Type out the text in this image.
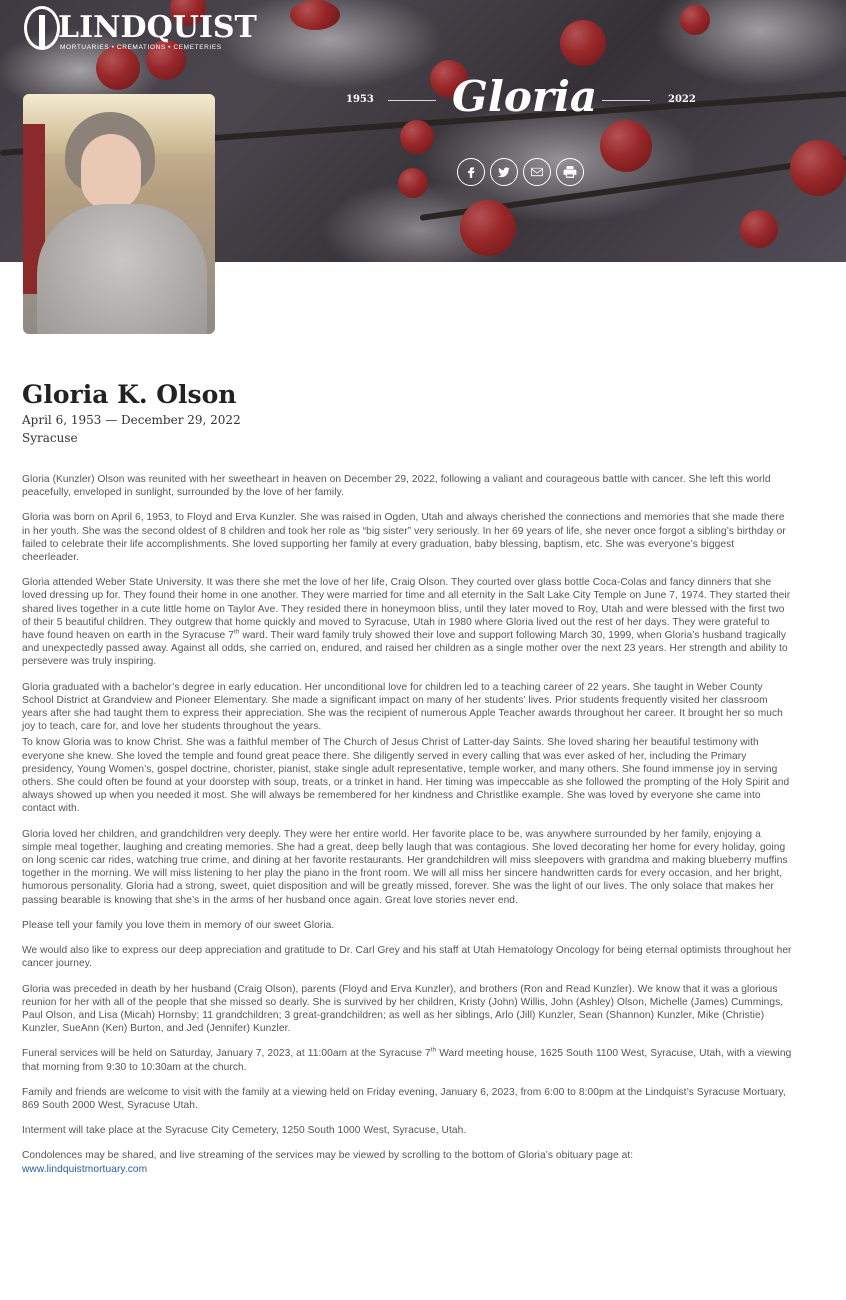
LINDQUIST
MORTUARIES • CREMATIONS • CEMETERIES
1953 Gloria	2022
Gloria K. Olson
April 6, 1953 — December 29, 2022
Syracuse

Gloria (Kunzler) Olson was reunited with her sweetheart in heaven on December 29, 2022, following a valiant and courageous battle with cancer. She left this world peacefully, enveloped in sunlight, surrounded by the love of her family.

Gloria was born on April 6, 1953, to Floyd and Erva Kunzler. She was raised in Ogden, Utah and always cherished the connections and memories that she made there in her youth. She was the second oldest of 8 children and took her role as “big sister” very seriously. In her 69 years of life, she never once forgot a sibling’s birthday or failed to celebrate their life accomplishments. She loved supporting her family at every graduation, baby blessing, baptism, etc. She was everyone’s biggest cheerleader.

Gloria attended Weber State University. It was there she met the love of her life, Craig Olson. They courted over glass bottle Coca-Colas and fancy dinners that she loved dressing up for. They found their home in one another. They were married for time and all eternity in the Salt Lake City Temple on June 7, 1974. They started their shared lives together in a cute little home on Taylor Ave. They resided there in honeymoon bliss, until they later moved to Roy, Utah and were blessed with the first two of their 5 beautiful children. They outgrew that home quickly and moved to Syracuse, Utah in 1980 where Gloria lived out the rest of her days. They were grateful to have found heaven on earth in the Syracuse 7th ward. Their ward family truly showed their love and support following March 30, 1999, when Gloria’s husband tragically and unexpectedly passed away. Against all odds, she carried on, endured, and raised her children as a single mother over the next 23 years. Her strength and ability to persevere was truly inspiring.

Gloria graduated with a bachelor’s degree in early education. Her unconditional love for children led to a teaching career of 22 years. She taught in Weber County School District at Grandview and Pioneer Elementary. She made a significant impact on many of her students’ lives. Prior students frequently visited her classroom years after she had taught them to express their appreciation. She was the recipient of numerous Apple Teacher awards throughout her career. It brought her so much joy to teach, care for, and love her students throughout the years.

To know Gloria was to know Christ. She was a faithful member of The Church of Jesus Christ of Latter-day Saints. She loved sharing her beautiful testimony with everyone she knew. She loved the temple and found great peace there. She diligently served in every calling that was ever asked of her, including the Primary presidency, Young Women’s, gospel doctrine, chorister, pianist, stake single adult representative, temple worker, and many others. She found immense joy in serving others. She could often be found at your doorstep with soup, treats, or a trinket in hand. Her timing was impeccable as she followed the prompting of the Holy Spirit and always showed up when you needed it most. She will always be remembered for her kindness and Christlike example. She was loved by everyone she came into contact with.

Gloria loved her children, and grandchildren very deeply. They were her entire world. Her favorite place to be, was anywhere surrounded by her family, enjoying a simple meal together, laughing and creating memories. She had a great, deep belly laugh that was contagious. She loved decorating her home for every holiday, going on long scenic car rides, watching true crime, and dining at her favorite restaurants. Her grandchildren will miss sleepovers with grandma and making blueberry muffins together in the morning. We will miss listening to her play the piano in the front room. We will all miss her sincere handwritten cards for every occasion, and her bright, humorous personality. Gloria had a strong, sweet, quiet disposition and will be greatly missed, forever. She was the light of our lives. The only solace that makes her passing bearable is knowing that she’s in the arms of her husband once again. Great love stories never end.

Please tell your family you love them in memory of our sweet Gloria.

We would also like to express our deep appreciation and gratitude to Dr. Carl Grey and his staff at Utah Hematology Oncology for being eternal optimists throughout her cancer journey.

Gloria was preceded in death by her husband (Craig Olson), parents (Floyd and Erva Kunzler), and brothers (Ron and Read Kunzler). We know that it was a glorious reunion for her with all of the people that she missed so dearly. She is survived by her children, Kristy (John) Willis, John (Ashley) Olson, Michelle (James) Cummings, Paul Olson, and Lisa (Micah) Hornsby; 11 grandchildren; 3 great-grandchildren; as well as her siblings, Arlo (Jill) Kunzler, Sean (Shannon) Kunzler, Mike (Christie) Kunzler, SueAnn (Ken) Burton, and Jed (Jennifer) Kunzler.

Funeral services will be held on Saturday, January 7, 2023, at 11:00am at the Syracuse 7th Ward meeting house, 1625 South 1100 West, Syracuse, Utah, with a viewing that morning from 9:30 to 10:30am at the church.

Family and friends are welcome to visit with the family at a viewing held on Friday evening, January 6, 2023, from 6:00 to 8:00pm at the Lindquist’s Syracuse Mortuary, 869 South 2000 West, Syracuse Utah.

Interment will take place at the Syracuse City Cemetery, 1250 South 1000 West, Syracuse, Utah.

Condolences may be shared, and live streaming of the services may be viewed by scrolling to the bottom of Gloria’s obituary page at:
www.lindquistmortuary.com
